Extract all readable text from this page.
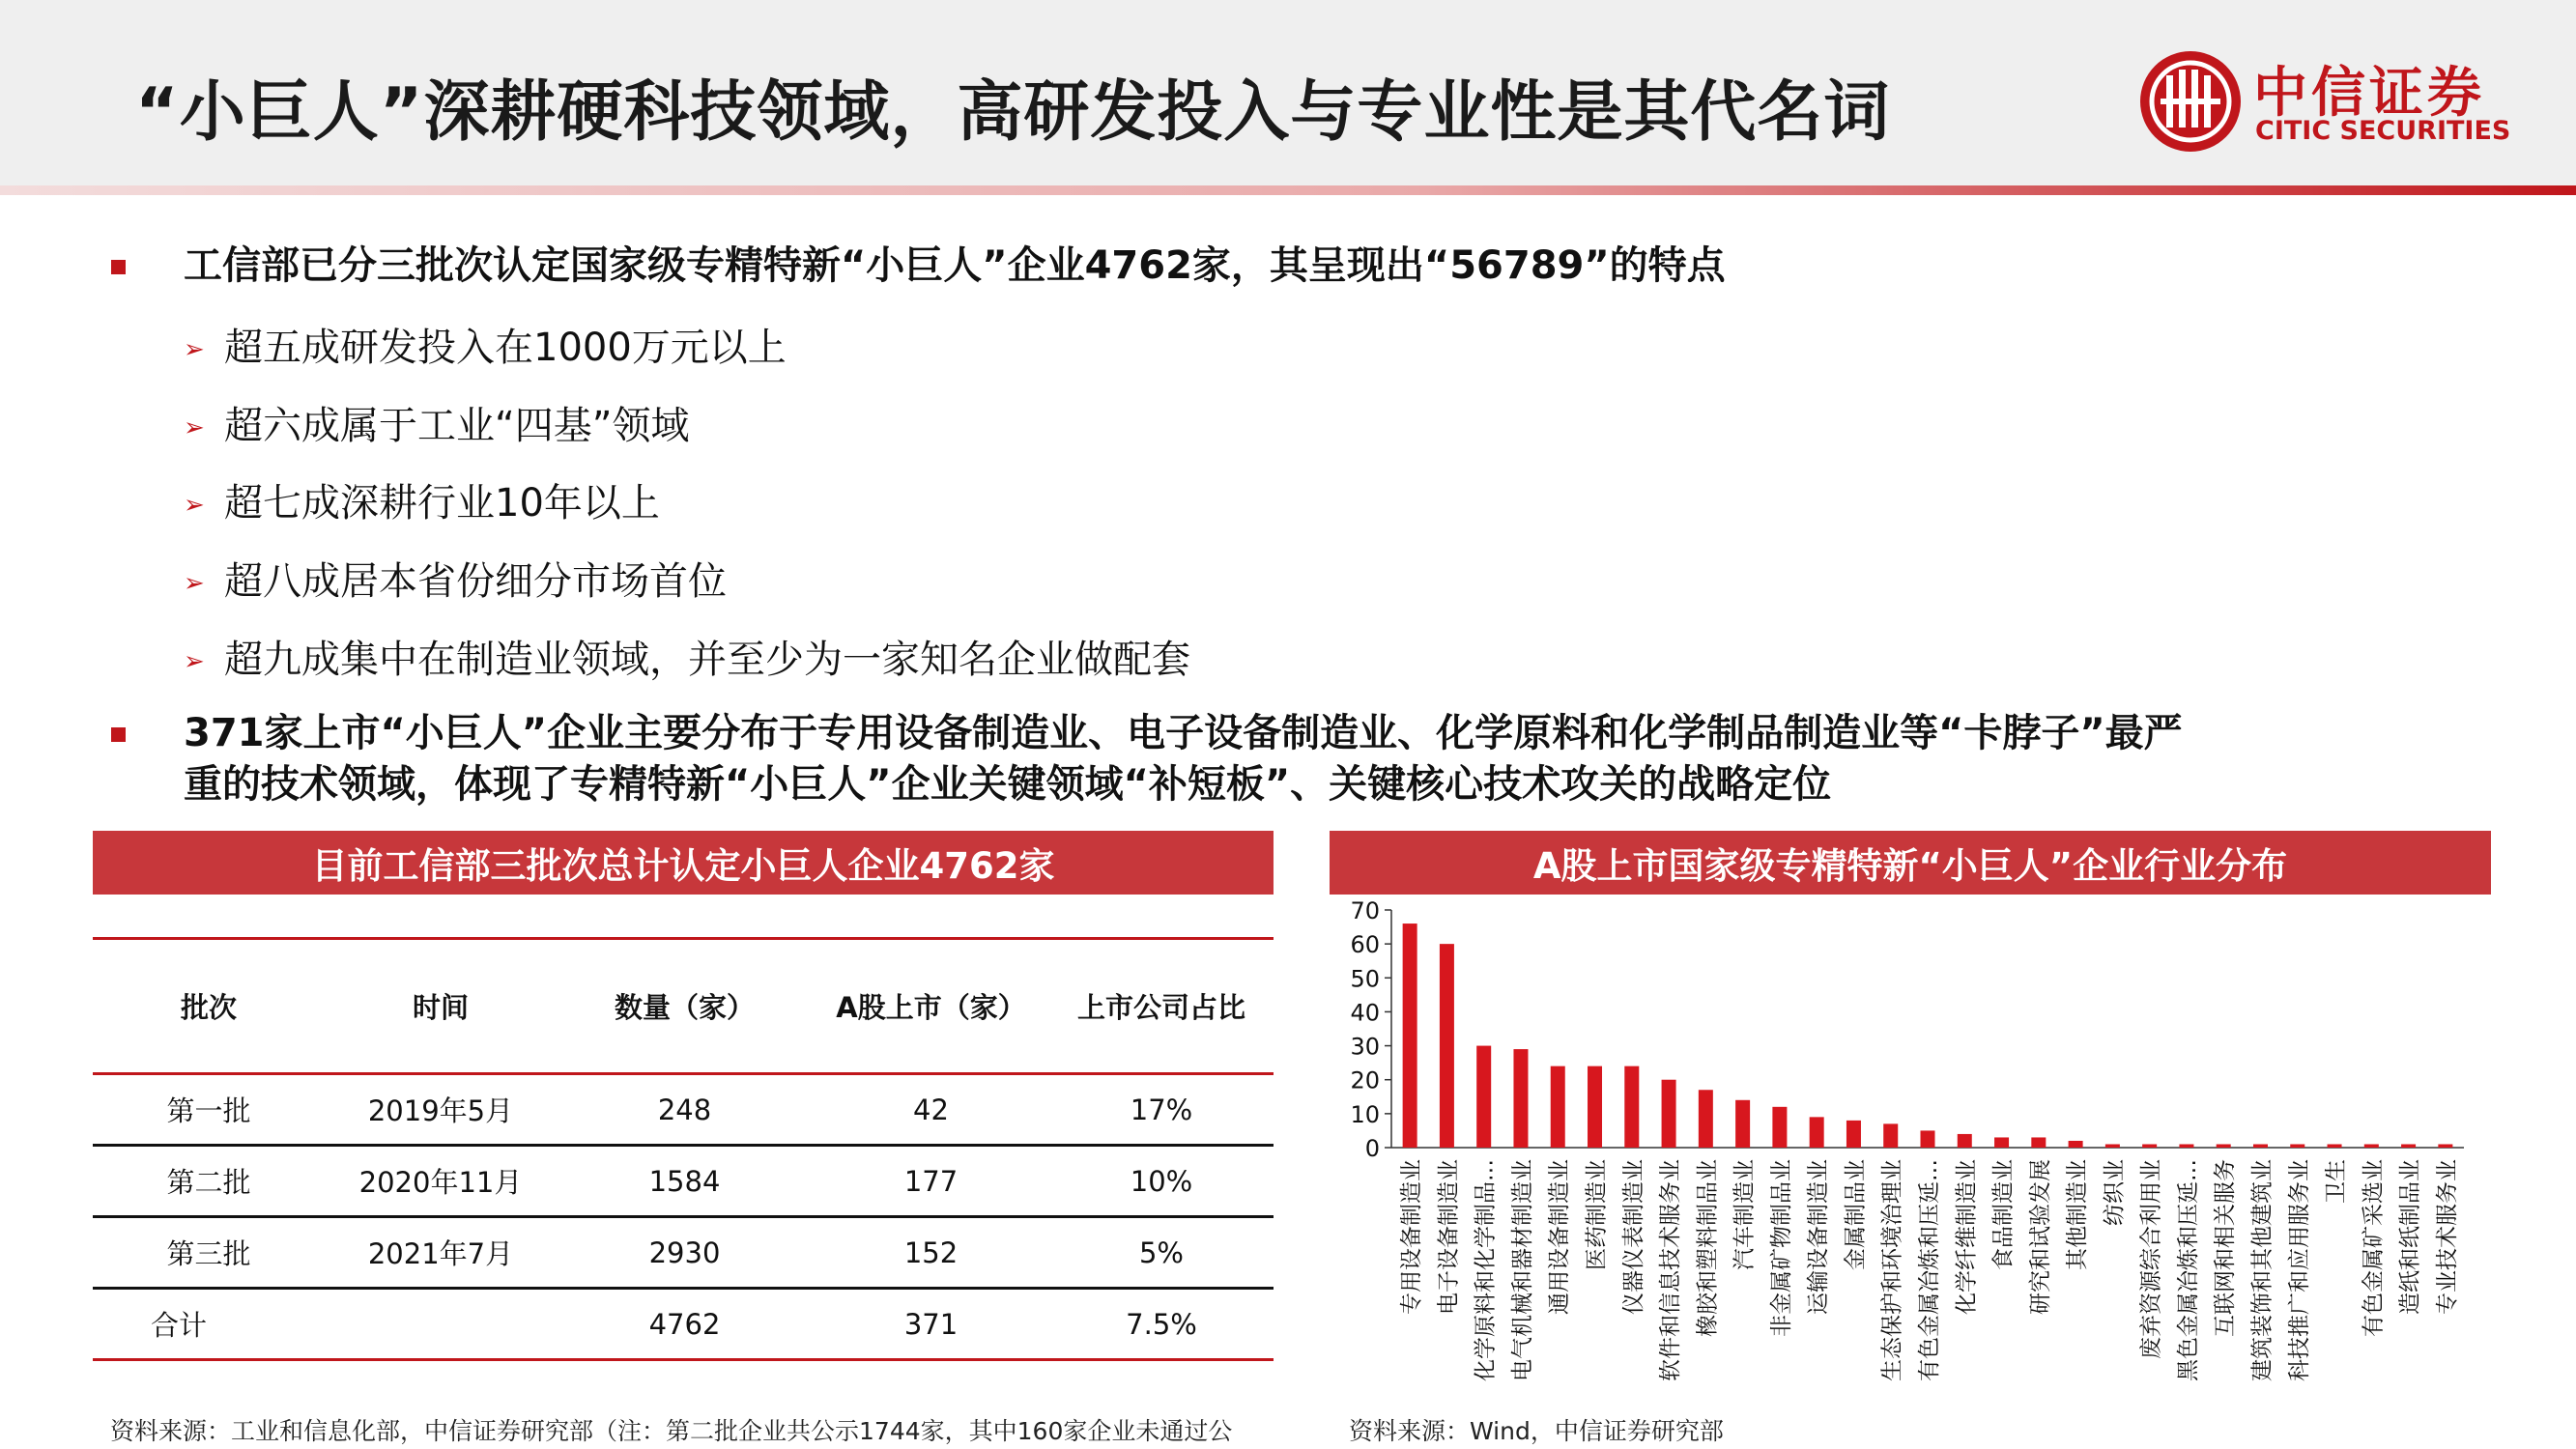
“小巨人”深耕硬科技领域，高研发投入与专业性是其代名词	中信证券
CITIC SECURITIES
工信部已分三批次认定国家级专精特新“小巨人”企业4762家，其呈现出“56789”的特点
➢ 超五成研发投入在1000万元以上
➢ 超六成属于工业“四基”领域
➢ 超七成深耕行业10年以上
➢ 超八成居本省份细分市场首位
➢ 超九成集中在制造业领域，并至少为一家知名企业做配套
371家上市“小巨人”企业主要分布于专用设备制造业、电子设备制造业、化学原料和化学制品制造业等“卡脖子”最严
重的技术领域，体现了专精特新“小巨人”企业关键领域“补短板”、关键核心技术攻关的战略定位
目前工信部三批次总计认定小巨人企业4762家
批次	时间	数量（家）	A股上市（家）	上市公司占比
第一批	2019年5月	248	42	17%
第二批	2020年11月	1584	177	10%
第三批	2021年7月	2930	152	5%
合计		4762	371	7.5%
资料来源：工业和信息化部，中信证券研究部（注：第二批企业共公示1744家，其中160家企业未通过公
A股上市国家级专精特新“小巨人”企业行业分布
0
10
20
30
40
50
60
70
专用设备制造业 电子设备制造业 化学原料和化学制品… 电气机械和器材制造业 通用设备制造业 医药制造业 仪器仪表制造业 软件和信息技术服务业 橡胶和塑料制品业 汽车制造业 非金属矿物制品业 运输设备制造业 金属制品业 生态保护和环境治理业 有色金属冶炼和压延… 化学纤维制造业 食品制造业 研究和试验发展 其他制造业 纺织业 废弃资源综合利用业 黑色金属冶炼和压延… 互联网和相关服务 建筑装饰和其他建筑业 科技推广和应用服务业 卫生 有色金属矿采选业 造纸和纸制品业 专业技术服务业
资料来源：Wind，中信证券研究部
